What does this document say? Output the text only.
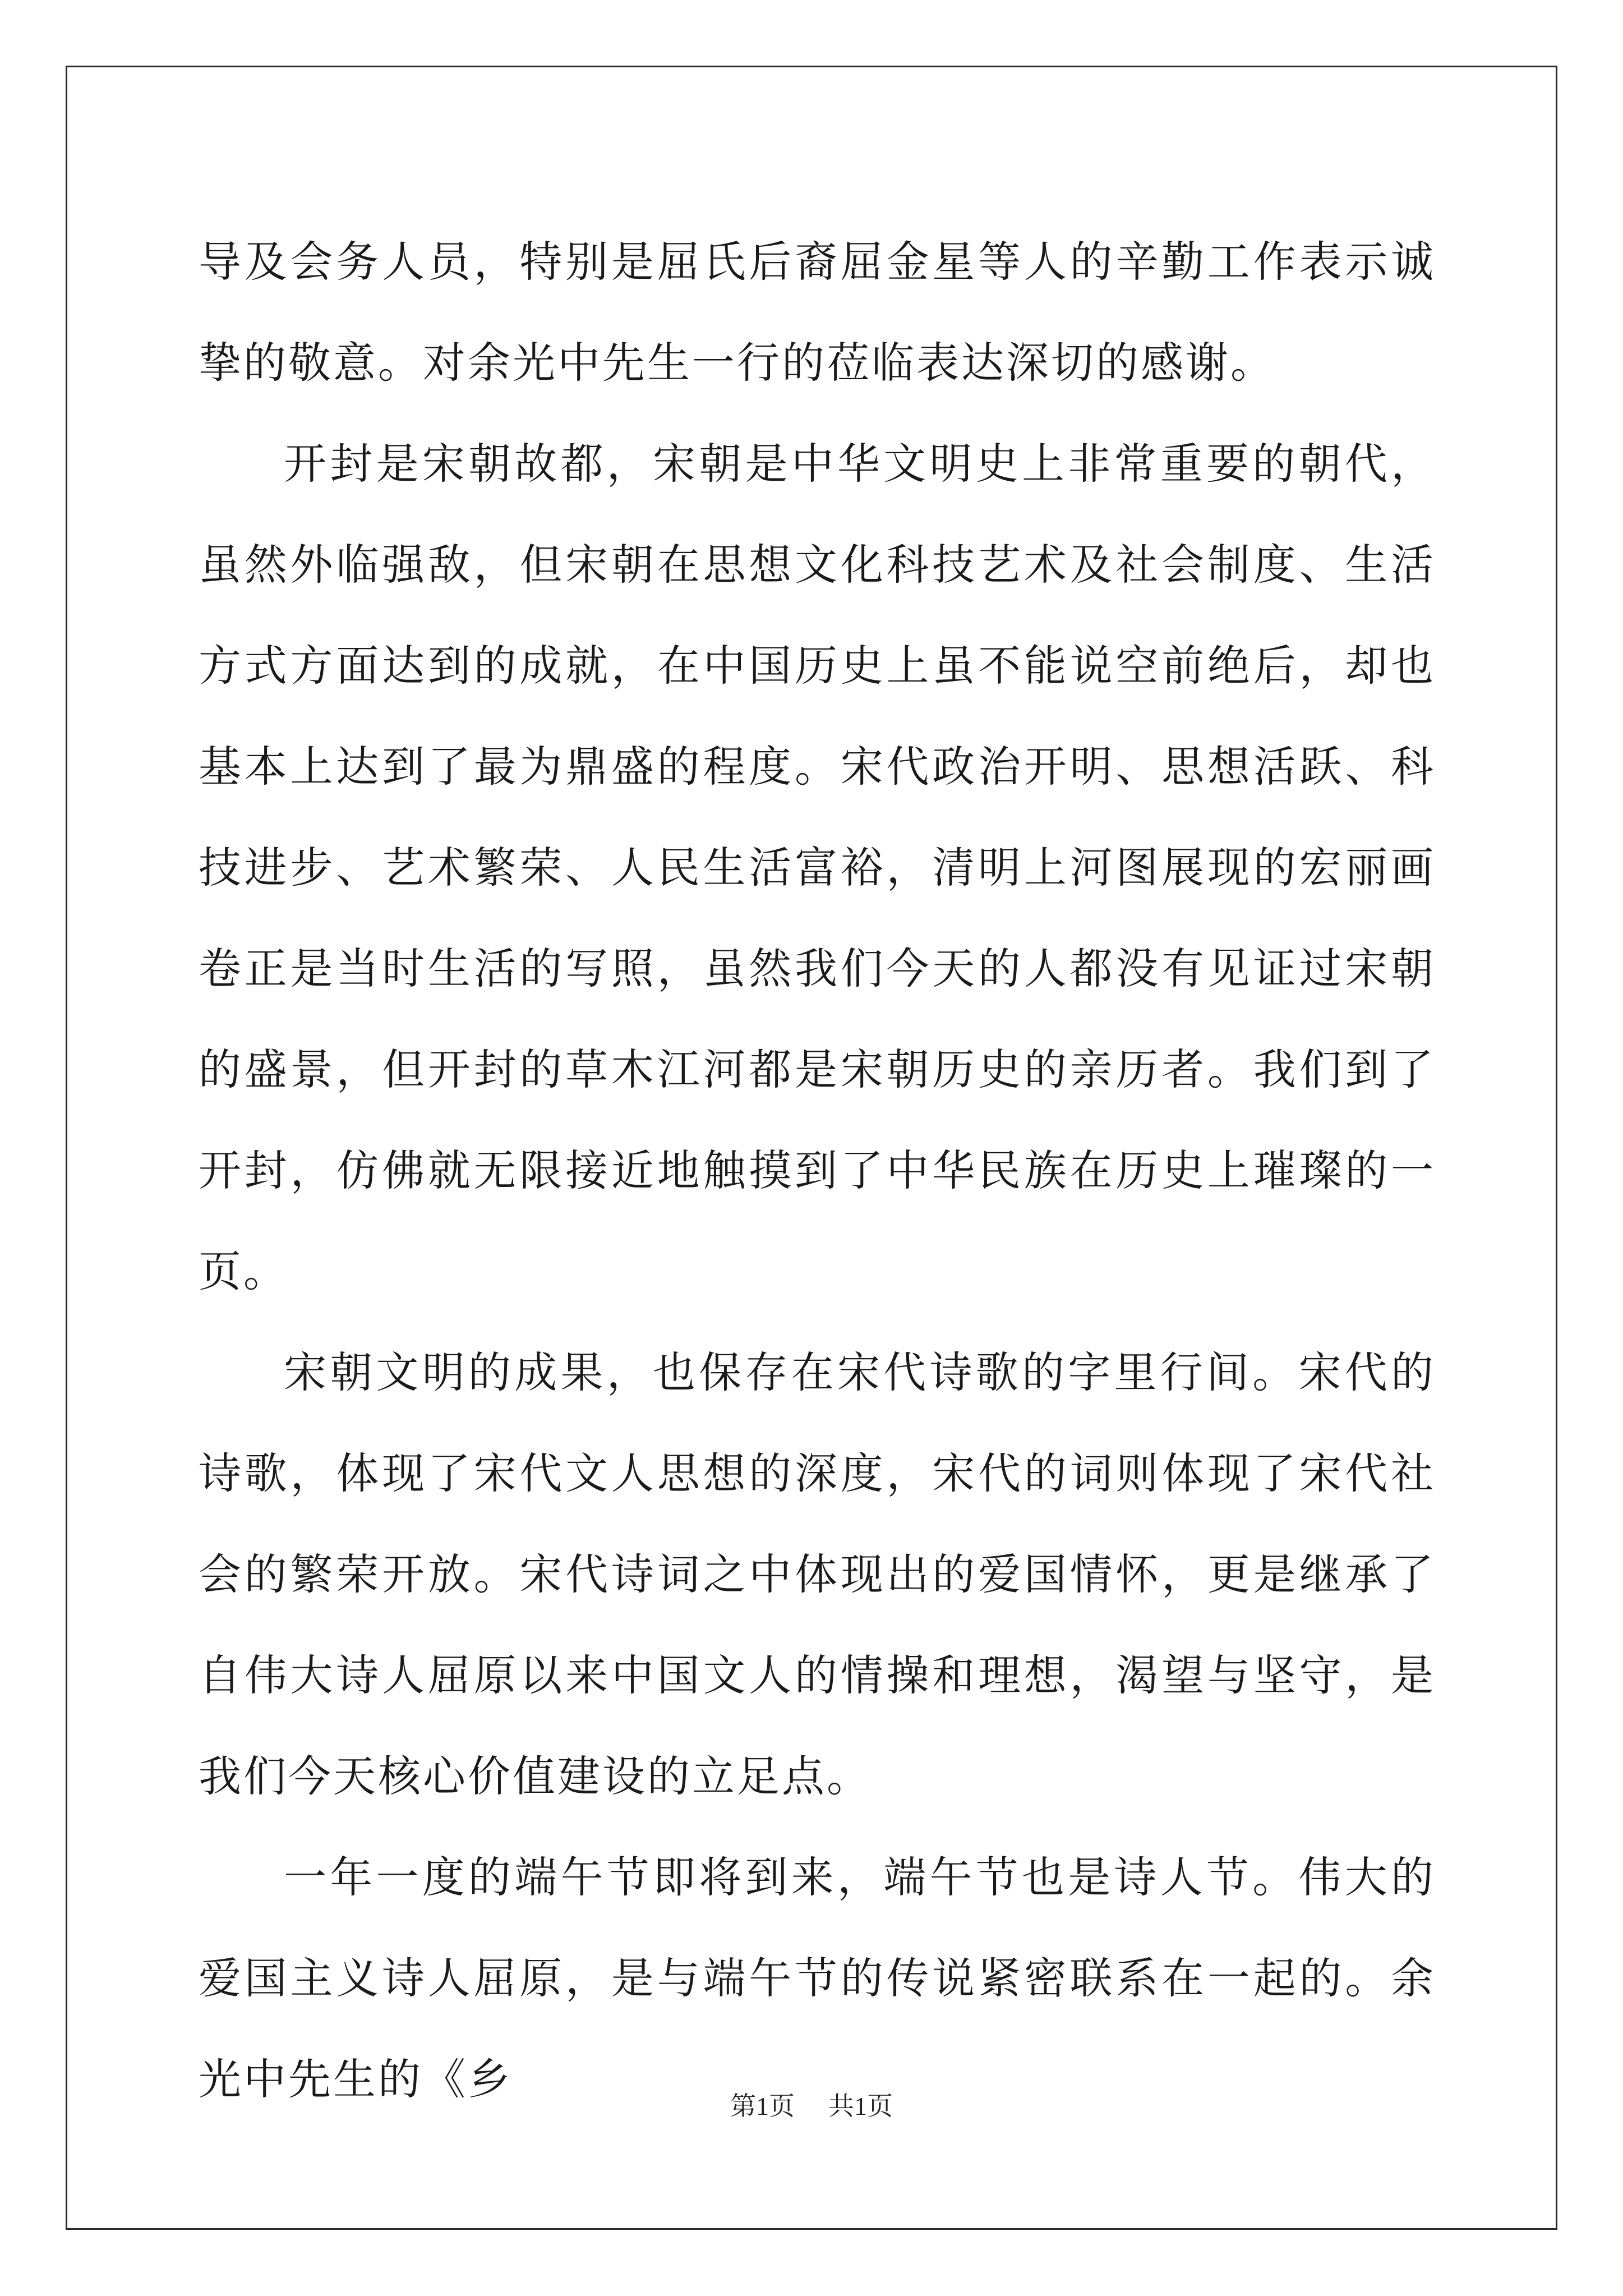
导及会务人员，特别是屈氏后裔屈金星等人的辛勤工作表示诚挚的敬意。对余光中先生一行的莅临表达深切的感谢。

开封是宋朝故都，宋朝是中华文明史上非常重要的朝代，虽然外临强敌，但宋朝在思想文化科技艺术及社会制度、生活方式方面达到的成就，在中国历史上虽不能说空前绝后，却也基本上达到了最为鼎盛的程度。宋代政治开明、思想活跃、科技进步、艺术繁荣、人民生活富裕，清明上河图展现的宏丽画卷正是当时生活的写照，虽然我们今天的人都没有见证过宋朝的盛景，但开封的草木江河都是宋朝历史的亲历者。我们到了开封，仿佛就无限接近地触摸到了中华民族在历史上璀璨的一页。

宋朝文明的成果，也保存在宋代诗歌的字里行间。宋代的诗歌，体现了宋代文人思想的深度，宋代的词则体现了宋代社会的繁荣开放。宋代诗词之中体现出的爱国情怀，更是继承了自伟大诗人屈原以来中国文人的情操和理想，渴望与坚守，是我们今天核心价值建设的立足点。

一年一度的端午节即将到来，端午节也是诗人节。伟大的爱国主义诗人屈原，是与端午节的传说紧密联系在一起的。余光中先生的《乡

第1页 共1页
